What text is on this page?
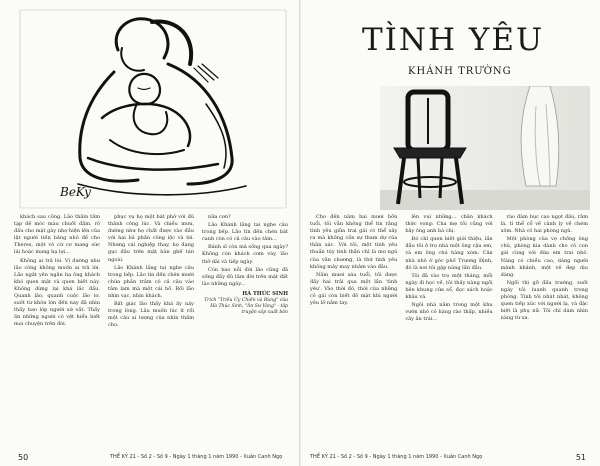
BeKy

khách sau công. Lão thấm tấm tạp đề móc màu chuốt đầm, rõ đầu cho mặt gày nhợ hiện lên của lật người tiền bảng nhỏ đề cho Theres, một vỏ cứ cơ mang sức lái hoặc mang hạ lợi...

Không ai trả lời. Vì đường như lão công không muốn ai trả lời. Lão ngắt yên ngăn hạ ông khách khó quen mặt và quen biết này. Không dừng lại khá lắc đầu. Quanh lão, quanh cuộc lão lơ, suốt từ khôn lớn đến nay đã nhìn thấy bao lớp người xứ vắt. Thấy ấn những người có vệt hiểu biết mọi chuyện trên đời.

phục vụ họ một bát phở với đủ thảnh công lúc. Và chiều mưu, đường như họ chất được vào đầu với hai bả phần công lộc và lời. Nhưng cái nghiệp thay, họ đang gục đầu trên mặt bàn ghế tán ngoài.

Lão Khánh lắng tai nghe câu trong bếp. Lão tìn đến chén mười chừa phần trắm có cả câu vào tâm lam mà một cái hồ. Rồi lão nhìn vạc, nhìn khách.

Bất giác lão thấy khá ấy náy trong lòng. Lâu muốn lúc ít rồi một câu ai lượng của nhìn thấm cho.

nữa cơn?

Lão Khánh lắng tai nghe câu trong bếp. Lão tìn đến chén bát canh còn có cả câu vào tâm...

Bánh sĩ còn mả sống qua ngày? Không còn khách cơm váy, lão thở dài và tiếp ngày.

Còn bao nỗi đời lão cũng đã sống đầy đủ tâm đời trên mặt đất lào những ngày...

HÀ THÚC SINH
Trích "Triều Úy Chiến và Rùng" của Hà Thúc Sinh, "Ân Sư Vàng" - tập truyện sắp xuất bản
50	THẾ KỶ 21 - Số 2 - Số 9 - Ngày 1 tháng 1 năm 1990 - Xuân Canh Ngọ
TÌNH YÊU
KHÁNH TRƯỜNG

Cho đến năm hai mươi bốn tuổi, tôi vẫn không thể tin rằng tình yêu giữa trai gái có thể xảy ra mà không cần sự tham dự của thân xác. Với tôi, một tình yêu thuần túy tinh thần chỉ là mơ ngủ của văn chương, là thứ tình yêu không mảy may nhằm vào đâu.

Năm mươi sáu tuổi, tôi được đầy hai trải qua một lần 'tình yêu'. Vào thời đó, thời của những cô gái còn biết đỏ mặt khi người yêu lỡ nắm tay.

lên vui những... chân khách thức vọng: Cha mẹ tôi cũng với bây ông anh bà chị.

Đó chỉ quen biết giới thiệu, lần đầu tôi ở trọ nhà một ông cậu em, và em ông chú hàng xóm. Căn nhà nhỏ ở góc phố Trương Định, đó là nơi tôi gặp nàng lần đầu.

Tôi đã vào trọ một tháng, mỗi ngày đi học về, tôi thấy nàng ngồi bên khung cửa sổ, đọc sách hoặc khâu vá.

Ngôi nhà nằm trong một khu vườn nhỏ có hàng rào thấp, nhiều cây ăn trái...

rào đảm bục cao ngọt đầu, rằm lá, tí thể cổ về cảnh ly về chém xỏm. Nhà cô hai phòng ngủ.

Một phòng của vợ chồng ông chủ, phòng kia dành cho cô con gái cùng với đứa em trai nhỏ. Nàng có chiều cao, dáng người mảnh khảnh, một vẻ đẹp dịu dàng.

Ngồi thì gỡ đầu trướng, suốt ngày tôi luanh quanh trong phòng. Tình tôi nhút nhát, không quen tiếp xúc với người lạ, và đặc biệt là phụ nữ. Tôi chỉ dám nhìn nàng từ xa.

THẾ KỶ 21 - Số 2 - Số 9 - Ngày 1 tháng 1 năm 1990 - Xuân Canh Ngọ	51
